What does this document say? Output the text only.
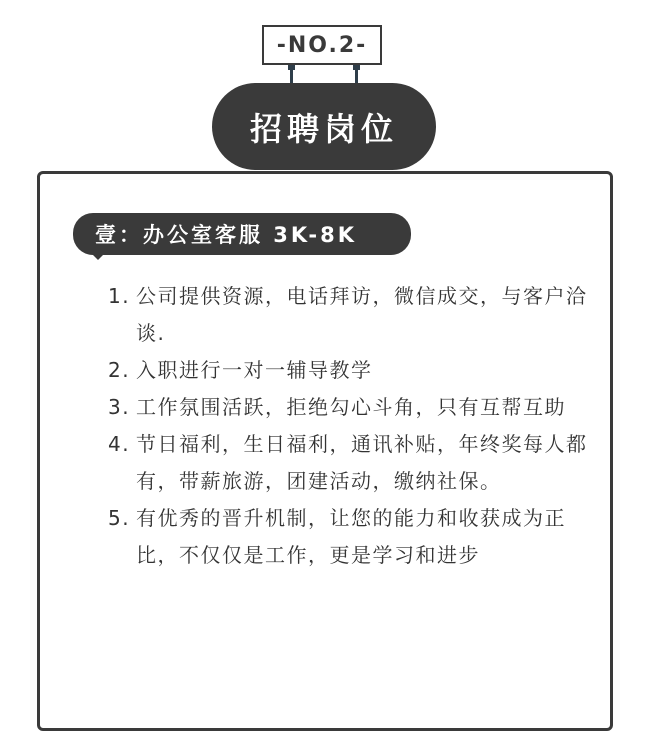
-NO.2-
招聘岗位
壹：办公室客服 3K-8K
1. 公司提供资源，电话拜访，微信成交，与客户洽谈.
2. 入职进行一对一辅导教学
3. 工作氛围活跃，拒绝勾心斗角，只有互帮互助
4. 节日福利，生日福利，通讯补贴，年终奖每人都有，带薪旅游，团建活动，缴纳社保。
5. 有优秀的晋升机制，让您的能力和收获成为正比，不仅仅是工作，更是学习和进步
